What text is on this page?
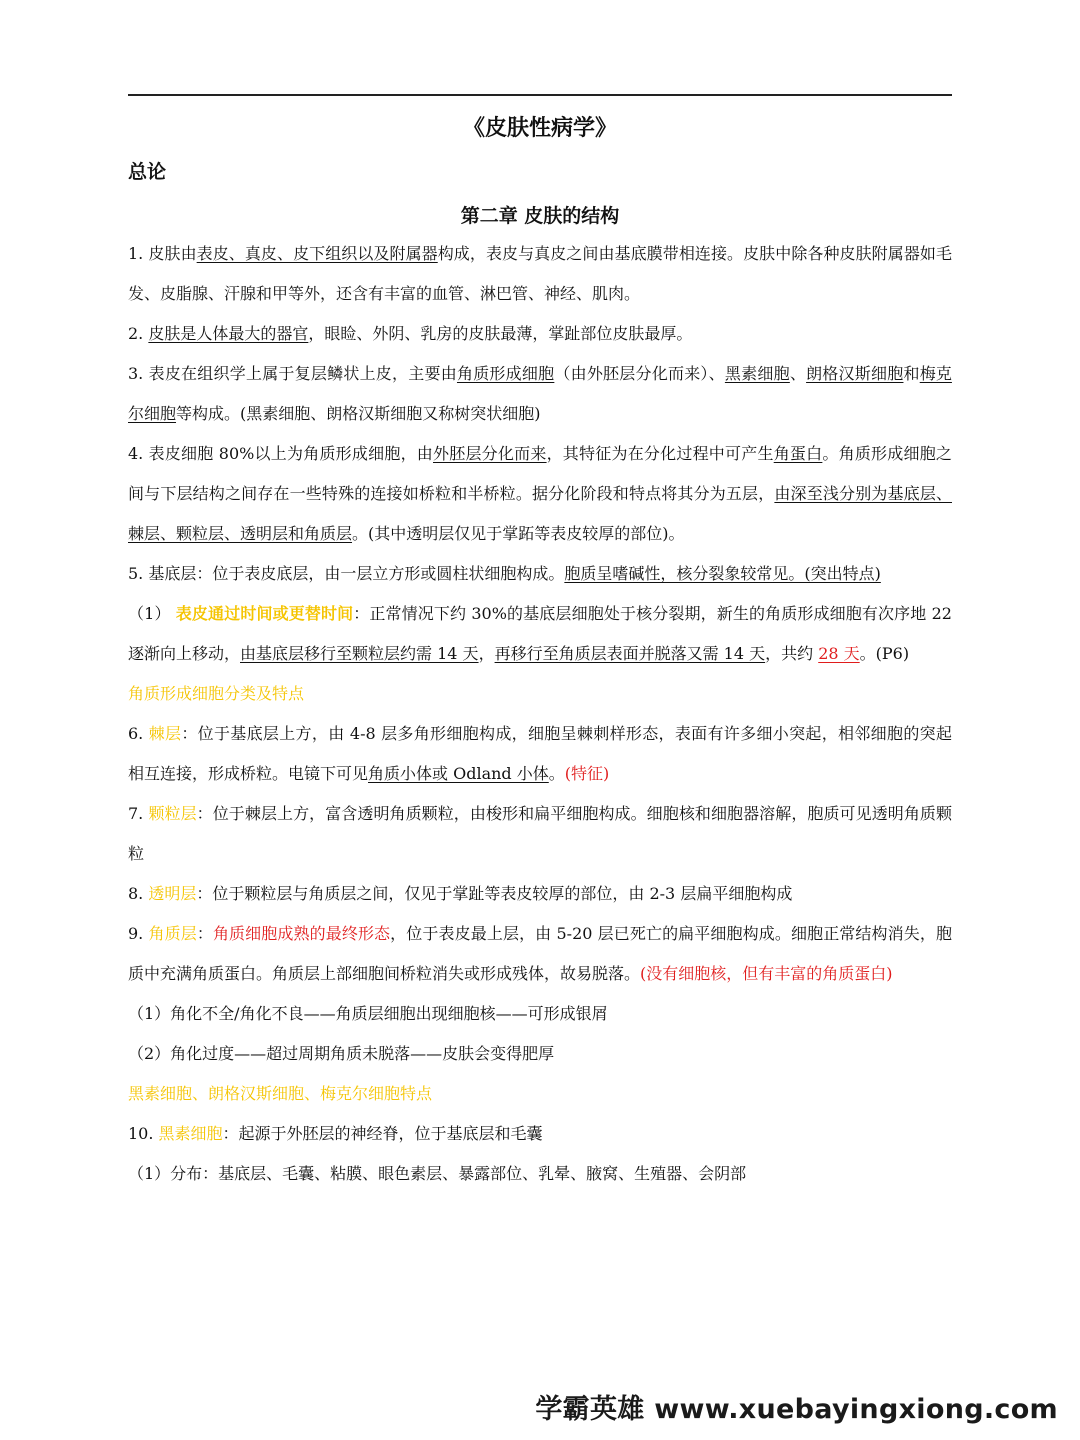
《皮肤性病学》
总论
第二章 皮肤的结构

1. 皮肤由表皮、真皮、皮下组织以及附属器构成，表皮与真皮之间由基底膜带相连接。皮肤中除各种皮肤附属器如毛发、皮脂腺、汗腺和甲等外，还含有丰富的血管、淋巴管、神经、肌肉。

2. 皮肤是人体最大的器官，眼睑、外阴、乳房的皮肤最薄，掌趾部位皮肤最厚。

3. 表皮在组织学上属于复层鳞状上皮，主要由角质形成细胞（由外胚层分化而来）、黑素细胞、朗格汉斯细胞和梅克尔细胞等构成。(黑素细胞、朗格汉斯细胞又称树突状细胞)

4. 表皮细胞 80%以上为角质形成细胞，由外胚层分化而来，其特征为在分化过程中可产生角蛋白。角质形成细胞之间与下层结构之间存在一些特殊的连接如桥粒和半桥粒。据分化阶段和特点将其分为五层，由深至浅分别为基底层、棘层、颗粒层、透明层和角质层。(其中透明层仅见于掌跖等表皮较厚的部位)。

5. 基底层：位于表皮底层，由一层立方形或圆柱状细胞构成。胞质呈嗜碱性，核分裂象较常见。(突出特点)

（1） 表皮通过时间或更替时间：正常情况下约 30%的基底层细胞处于核分裂期，新生的角质形成细胞有次序地 22 逐渐向上移动，由基底层移行至颗粒层约需 14 天，再移行至角质层表面并脱落又需 14 天，共约 28 天。(P6)

角质形成细胞分类及特点

6. 棘层：位于基底层上方，由 4-8 层多角形细胞构成，细胞呈棘刺样形态，表面有许多细小突起，相邻细胞的突起相互连接，形成桥粒。电镜下可见角质小体或 Odland 小体。(特征)

7. 颗粒层：位于棘层上方，富含透明角质颗粒，由梭形和扁平细胞构成。细胞核和细胞器溶解，胞质可见透明角质颗粒

8. 透明层：位于颗粒层与角质层之间，仅见于掌趾等表皮较厚的部位，由 2-3 层扁平细胞构成

9. 角质层：角质细胞成熟的最终形态，位于表皮最上层，由 5-20 层已死亡的扁平细胞构成。细胞正常结构消失，胞质中充满角质蛋白。角质层上部细胞间桥粒消失或形成残体，故易脱落。(没有细胞核，但有丰富的角质蛋白)

（1）角化不全/角化不良——角质层细胞出现细胞核——可形成银屑

（2）角化过度——超过周期角质未脱落——皮肤会变得肥厚

黑素细胞、朗格汉斯细胞、梅克尔细胞特点

10. 黑素细胞：起源于外胚层的神经脊，位于基底层和毛囊

（1）分布：基底层、毛囊、粘膜、眼色素层、暴露部位、乳晕、腋窝、生殖器、会阴部

学霸英雄 www.xuebayingxiong.com
